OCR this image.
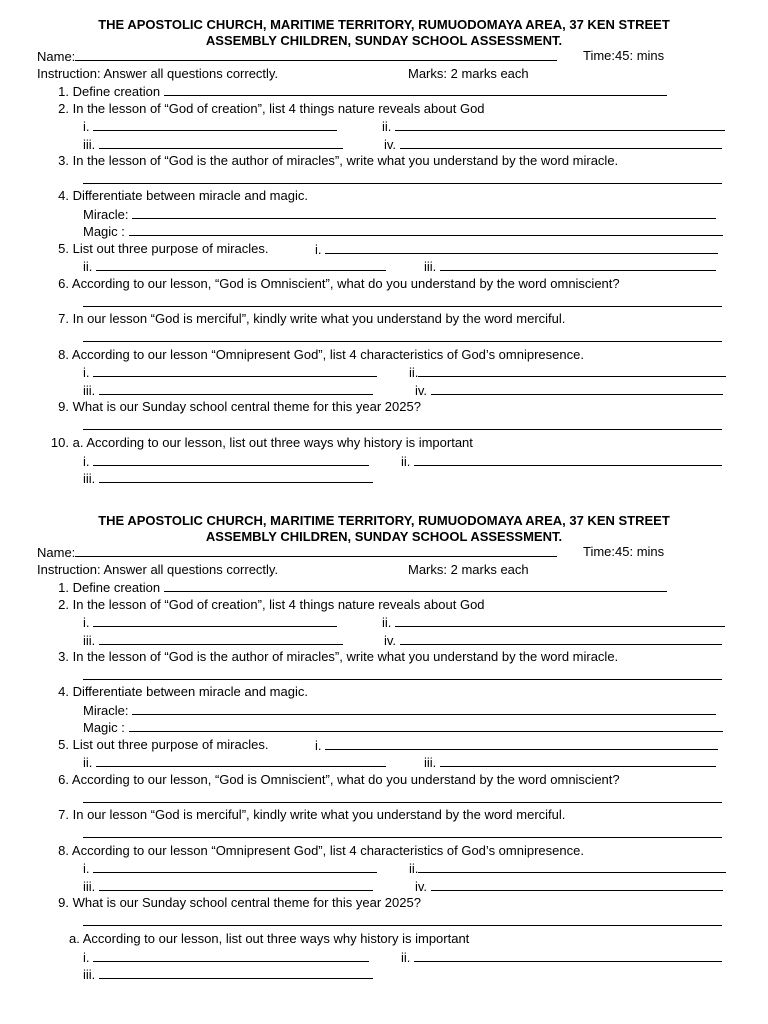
THE APOSTOLIC CHURCH, MARITIME TERRITORY, RUMUODOMAYA AREA, 37 KEN STREET
ASSEMBLY CHILDREN, SUNDAY SCHOOL ASSESSMENT.
Name:	Time:45: mins
Instruction: Answer all questions correctly.	Marks: 2 marks each
1. Define creation
2. In the lesson of “God of creation”, list 4 things nature reveals about God
i.	ii.
iii.	iv.
3. In the lesson of “God is the author of miracles”, write what you understand by the word miracle.
4. Differentiate between miracle and magic.
Miracle:
Magic :
5. List out three purpose of miracles.	i.
ii.	iii.
6. According to our lesson, “God is Omniscient”, what do you understand by the word omniscient?
7. In our lesson “God is merciful”, kindly write what you understand by the word merciful.
8. According to our lesson “Omnipresent God”, list 4 characteristics of God’s omnipresence.
i.	ii.
iii.	iv.
9. What is our Sunday school central theme for this year 2025?
10. a. According to our lesson, list out three ways why history is important
i.	ii.
iii.
THE APOSTOLIC CHURCH, MARITIME TERRITORY, RUMUODOMAYA AREA, 37 KEN STREET
ASSEMBLY CHILDREN, SUNDAY SCHOOL ASSESSMENT.
Name:	Time:45: mins
Instruction: Answer all questions correctly.	Marks: 2 marks each
1. Define creation
2. In the lesson of “God of creation”, list 4 things nature reveals about God
i.	ii.
iii.	iv.
3. In the lesson of “God is the author of miracles”, write what you understand by the word miracle.
4. Differentiate between miracle and magic.
Miracle:
Magic :
5. List out three purpose of miracles.	i.
ii.	iii.
6. According to our lesson, “God is Omniscient”, what do you understand by the word omniscient?
7. In our lesson “God is merciful”, kindly write what you understand by the word merciful.
8. According to our lesson “Omnipresent God”, list 4 characteristics of God’s omnipresence.
i.	ii.
iii.	iv.
9. What is our Sunday school central theme for this year 2025?
a. According to our lesson, list out three ways why history is important
i.	ii.
iii.
